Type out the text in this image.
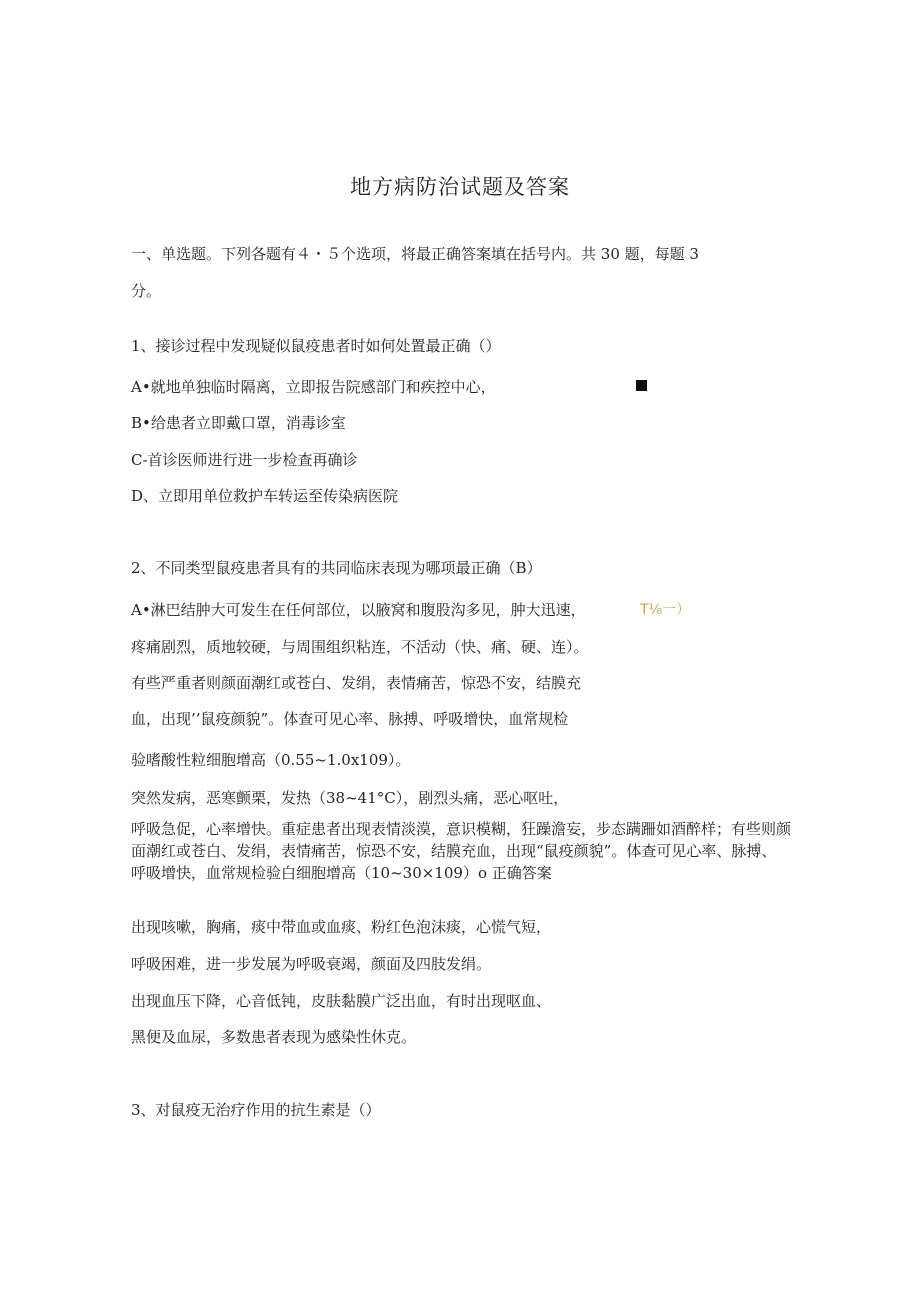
地方病防治试题及答案
一、单选题。下列各题有４・５个选项，将最正确答案填在括号内。共 30 题，每题 3
分。
1、接诊过程中发现疑似鼠疫患者时如何处置最正确（）
A•就地单独临时隔离，立即报告院感部门和疾控中心，
B•给患者立即戴口罩，消毒诊室
C-首诊医师进行进一步检查再确诊
D、立即用单位救护车转运至传染病医院
2、不同类型鼠疫患者具有的共同临床表现为哪项最正确（B）
A•淋巴结肿大可发生在任何部位，以腋窝和腹股沟多见，肿大迅速，	T⅛一）
疼痛剧烈，质地较硬，与周围组织粘连，不活动（快、痛、硬、连）。
有些严重者则颜面潮红或苍白、发绢，表情痛苦，惊恐不安，结膜充
血，出现’’鼠疫颜貌”。体查可见心率、脉搏、呼吸增快，血常规检
验嗜酸性粒细胞增高（0.55~1.0x109）。
突然发病，恶寒颤栗，发热（38~41°C），剧烈头痛，恶心呕吐，
呼吸急促，心率增快。重症患者出现表情淡漠，意识模糊，狂躁澹妄，步态蹒跚如酒醉样；有些则颜面潮红或苍白、发绢，表情痛苦，惊恐不安，结膜充血，出现“鼠疫颜貌”。体查可见心率、脉搏、呼吸增快，血常规检验白细胞增高（10~30×109）o 正确答案
出现咳嗽，胸痛，痰中带血或血痰、粉红色泡沫痰，心慌气短，
呼吸困难，进一步发展为呼吸衰竭，颜面及四肢发绢。
出现血压下降，心音低钝，皮肤黏膜广泛出血，有时出现呕血、
黑便及血尿，多数患者表现为感染性休克。
3、对鼠疫无治疗作用的抗生素是（）
